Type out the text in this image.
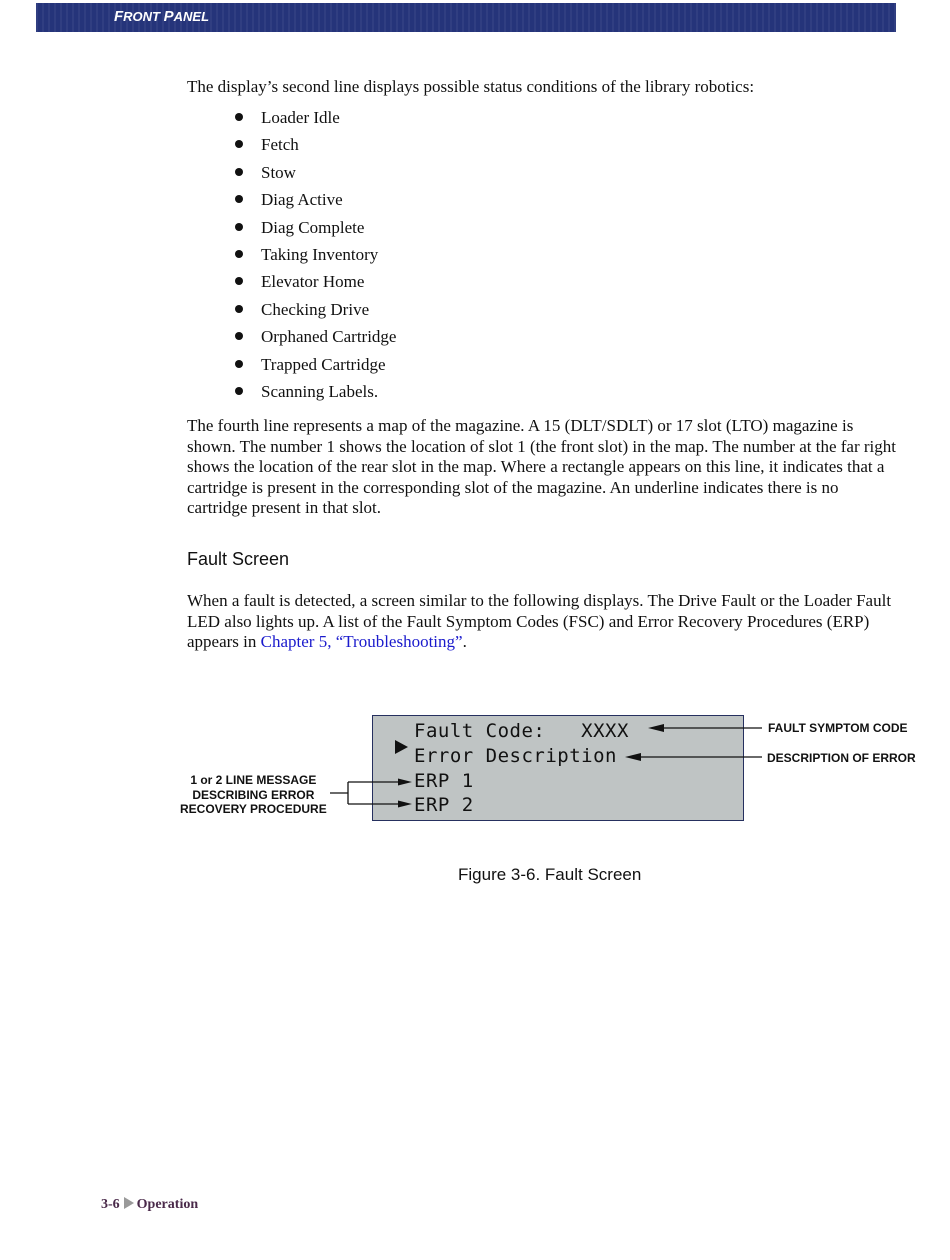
FRONT PANEL
The display’s second line displays possible status conditions of the library robotics:
Loader Idle
Fetch
Stow
Diag Active
Diag Complete
Taking Inventory
Elevator Home
Checking Drive
Orphaned Cartridge
Trapped Cartridge
Scanning Labels.

The fourth line represents a map of the magazine. A 15 (DLT/SDLT) or 17 slot (LTO) magazine is shown. The number 1 shows the location of slot 1 (the front slot) in the map. The number at the far right shows the location of the rear slot in the map. Where a rectangle appears on this line, it indicates that a cartridge is present in the corresponding slot of the magazine. An underline indicates there is no cartridge present in that slot.

Fault Screen

When a fault is detected, a screen similar to the following displays. The Drive Fault or the Loader Fault LED also lights up. A list of the Fault Symptom Codes (FSC) and Error Recovery Procedures (ERP) appears in Chapter 5, “Troubleshooting”.

Fault Code:   XXXX
Error Description
ERP 1
ERP 2
1 or 2 LINE MESSAGE
DESCRIBING ERROR
RECOVERY PROCEDURE
FAULT SYMPTOM CODE
DESCRIPTION OF ERROR
Figure 3-6. Fault Screen
3-6 Operation
